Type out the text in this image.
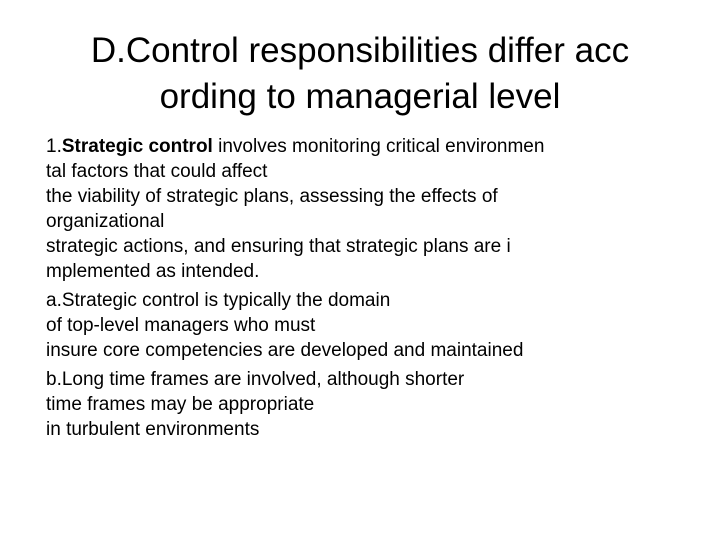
D.Control responsibilities differ acc
ording to managerial level

1.Strategic control involves monitoring critical environmen
tal factors that could affect
the viability of strategic plans, assessing the effects of
organizational
strategic actions, and ensuring that strategic plans are i
mplemented as intended.

a.Strategic control is typically the domain
of top-level managers who must
insure core competencies are developed and maintained

b.Long time frames are involved, although shorter
time frames may be appropriate
in turbulent environments
